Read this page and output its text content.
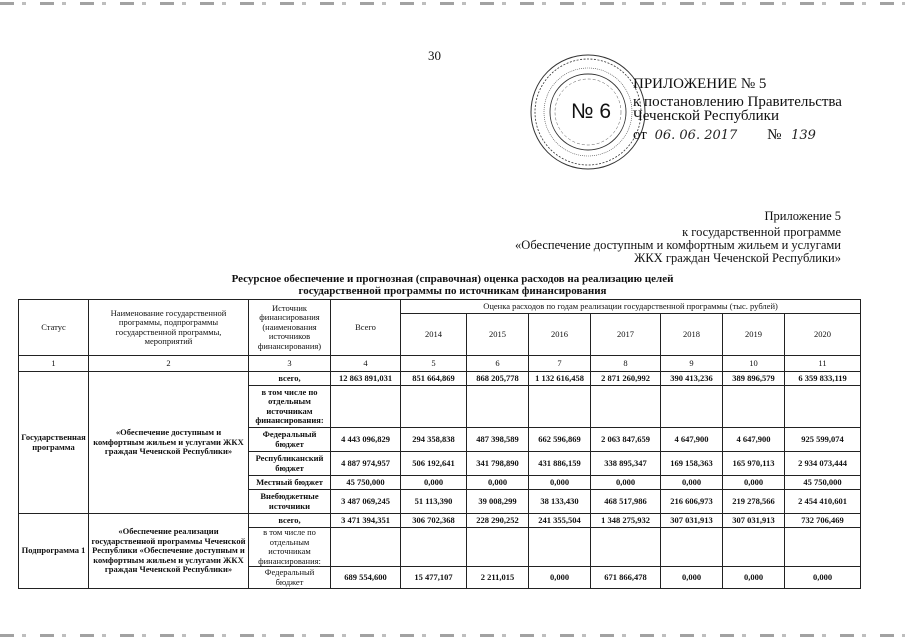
30
№ 6
ПРИЛОЖЕНИЕ № 5
к постановлению Правительства
Чеченской Республики
от 06. 06. 2017 № 139
Приложение 5
к государственной программе
«Обеспечение доступным и комфортным жильем и услугами
ЖКХ граждан Чеченской Республики»
Ресурсное обеспечение и прогнозная (справочная) оценка расходов на реализацию целей
государственной программы по источникам финансирования
Статус	Наименование государственной программы, подпрограммы государственной программы, мероприятий	Источник финансирования (наименования источников финансирования)	Всего	Оценка расходов по годам реализации государственной программы (тыс. рублей)						
				2014	2015	2016	2017	2018	2019	2020
1	2	3	4	5	6	7	8	9	10	11
Государственная программа	«Обеспечение доступным и комфортным жильем и услугами ЖКХ граждан Чеченской Республики»	всего,	12 863 891,031	851 664,869	868 205,778	1 132 616,458	2 871 260,992	390 413,236	389 896,579	6 359 833,119
		в том числе по отдельным источникам финансирования:								
		Федеральный бюджет	4 443 096,829	294 358,838	487 398,589	662 596,869	2 063 847,659	4 647,900	4 647,900	925 599,074
		Республиканский бюджет	4 887 974,957	506 192,641	341 798,890	431 886,159	338 895,347	169 158,363	165 970,113	2 934 073,444
		Местный бюджет	45 750,000	0,000	0,000	0,000	0,000	0,000	0,000	45 750,000
		Внебюджетные источники	3 487 069,245	51 113,390	39 008,299	38 133,430	468 517,986	216 606,973	219 278,566	2 454 410,601
Подпрограмма 1	«Обеспечение реализации государственной программы Чеченской Республики «Обеспечение доступным и комфортным жильем и услугами ЖКХ граждан Чеченской Республики»	всего,	3 471 394,351	306 702,368	228 290,252	241 355,504	1 348 275,932	307 031,913	307 031,913	732 706,469
		в том числе по отдельным источникам финансирования:								
		Федеральный бюджет	689 554,600	15 477,107	2 211,015	0,000	671 866,478	0,000	0,000	0,000
